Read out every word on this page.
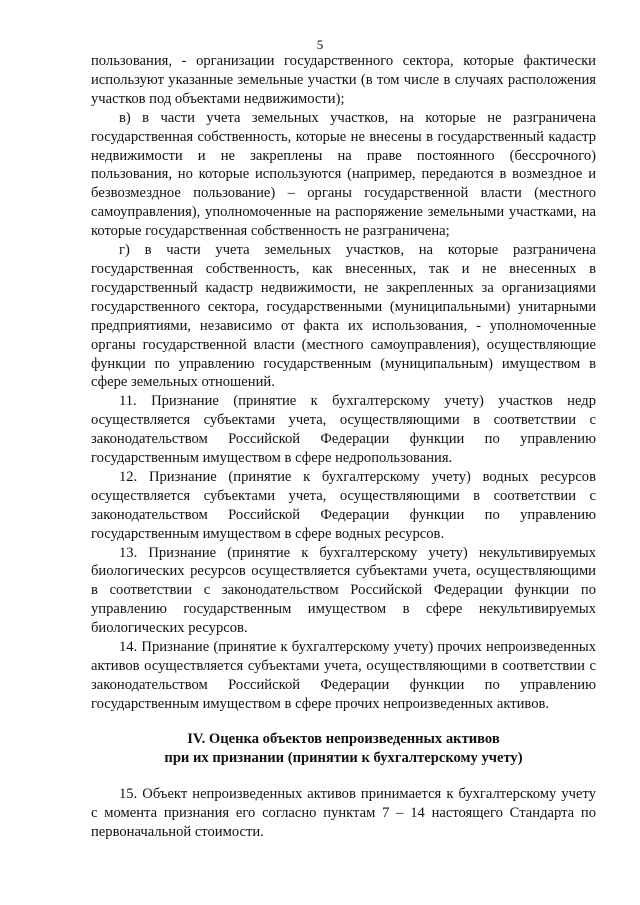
5

пользования, - организации государственного сектора, которые фактически используют указанные земельные участки (в том числе в случаях расположения участков под объектами недвижимости);

в) в части учета земельных участков, на которые не разграничена государственная собственность, которые не внесены в государственный кадастр недвижимости и не закреплены на праве постоянного (бессрочного) пользования, но которые используются (например, передаются в возмездное и безвозмездное пользование) – органы государственной власти (местного самоуправления), уполномоченные на распоряжение земельными участками, на которые государственная собственность не разграничена;

г) в части учета земельных участков, на которые разграничена государственная собственность, как внесенных, так и не внесенных в государственный кадастр недвижимости, не закрепленных за организациями государственного сектора, государственными (муниципальными) унитарными предприятиями, независимо от факта их использования, - уполномоченные органы государственной власти (местного самоуправления), осуществляющие функции по управлению государственным (муниципальным) имуществом в сфере земельных отношений.

11. Признание (принятие к бухгалтерскому учету) участков недр осуществляется субъектами учета, осуществляющими в соответствии с законодательством Российской Федерации функции по управлению государственным имуществом в сфере недропользования.

12. Признание (принятие к бухгалтерскому учету) водных ресурсов осуществляется субъектами учета, осуществляющими в соответствии с законодательством Российской Федерации функции по управлению государственным имуществом в сфере водных ресурсов.

13. Признание (принятие к бухгалтерскому учету) некультивируемых биологических ресурсов осуществляется субъектами учета, осуществляющими в соответствии с законодательством Российской Федерации функции по управлению государственным имуществом в сфере некультивируемых биологических ресурсов.

14. Признание (принятие к бухгалтерскому учету) прочих непроизведенных активов осуществляется субъектами учета, осуществляющими в соответствии с законодательством Российской Федерации функции по управлению государственным имуществом в сфере прочих непроизведенных активов.

IV. Оценка объектов непроизведенных активов
при их признании (принятии к бухгалтерскому учету)

15. Объект непроизведенных активов принимается к бухгалтерскому учету с момента признания его согласно пунктам 7 – 14 настоящего Стандарта по первоначальной стоимости.
